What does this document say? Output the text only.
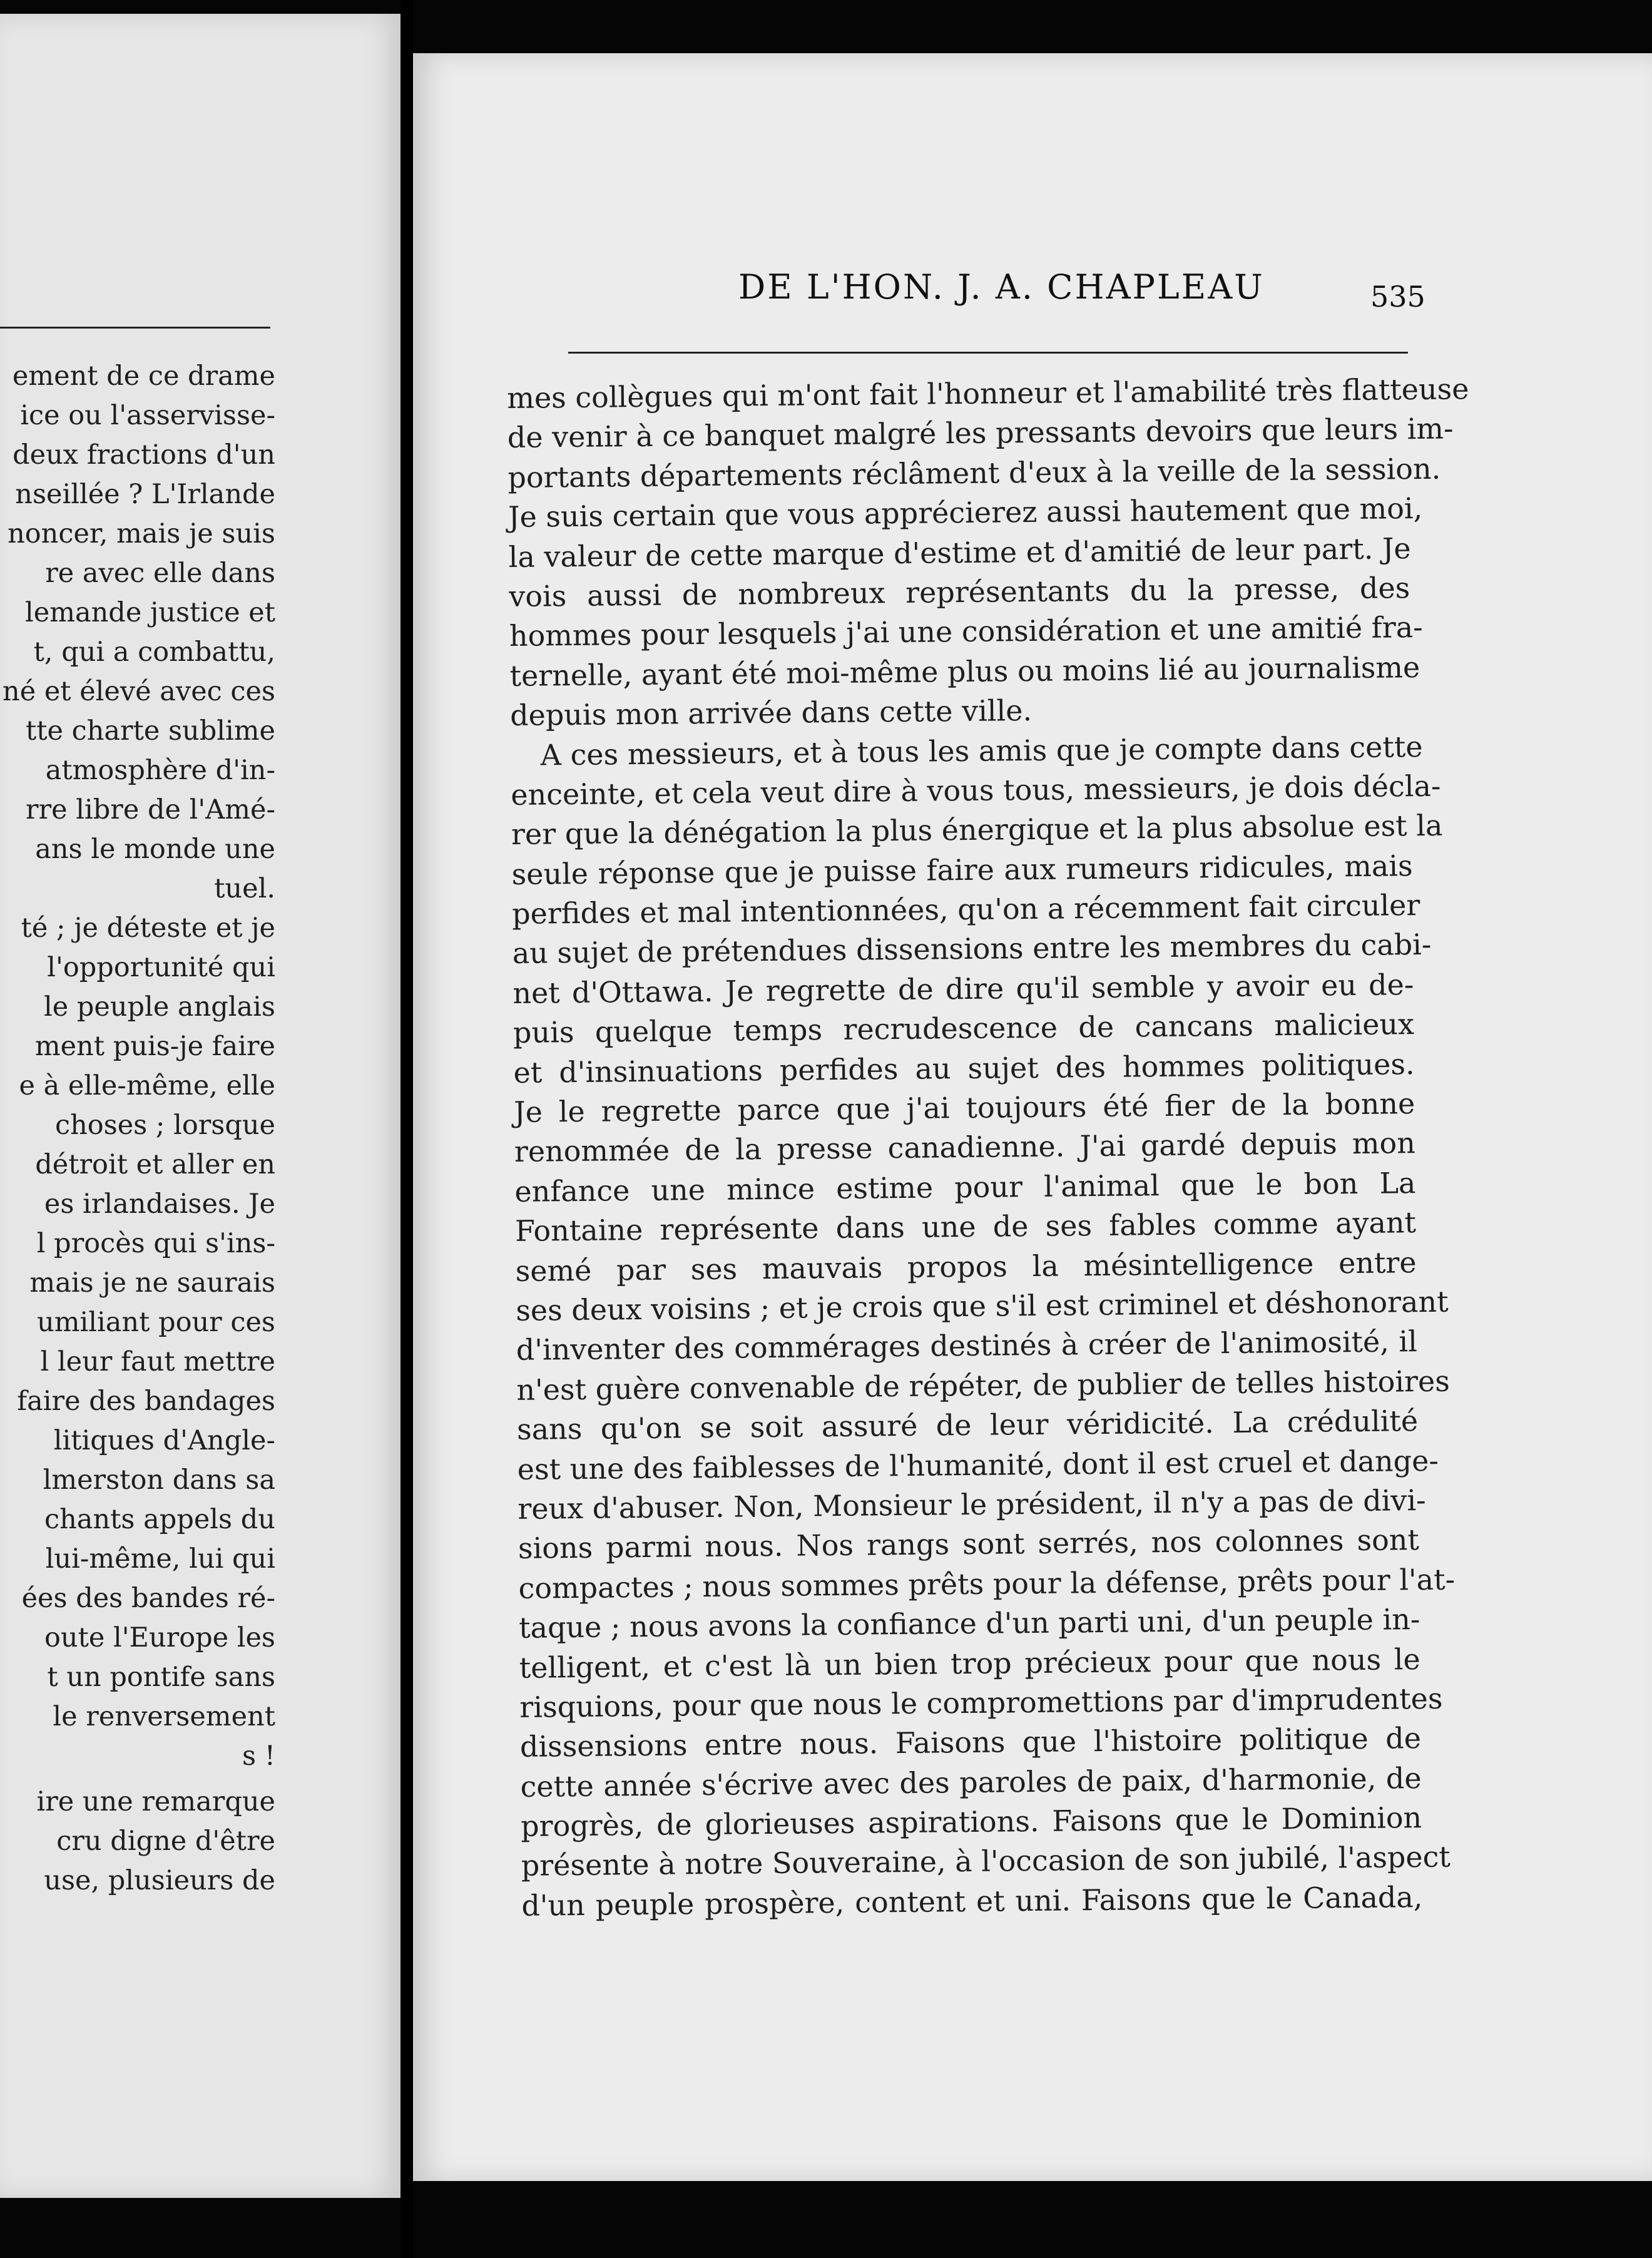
ement de ce drame
ice ou l'asservisse-
deux fractions d'un
nseillée ? L'Irlande
noncer, mais je suis
re avec elle dans
lemande justice et
t, qui a combattu,
né et élevé avec ces
tte charte sublime
atmosphère d'in-
rre libre de l'Amé-
ans le monde une
tuel.
té ; je déteste et je
l'opportunité qui
le peuple anglais
ment puis-je faire
e à elle-même, elle
choses ; lorsque
détroit et aller en
es irlandaises. Je
l procès qui s'ins-
mais je ne saurais
umiliant pour ces
l leur faut mettre
faire des bandages
litiques d'Angle-
lmerston dans sa
chants appels du
lui-même, lui qui
ées des bandes ré-
oute l'Europe les
t un pontife sans
le renversement
s !
ire une remarque
cru digne d'être
use, plusieurs de
DE L'HON. J. A. CHAPLEAU	535
mes collègues qui m'ont fait l'honneur et l'amabilité très flatteuse
de venir à ce banquet malgré les pressants devoirs que leurs im-
portants départements réclâment d'eux à la veille de la session.
Je suis certain que vous apprécierez aussi hautement que moi,
la valeur de cette marque d'estime et d'amitié de leur part. Je
vois aussi de nombreux représentants du la presse, des
hommes pour lesquels j'ai une considération et une amitié fra-
ternelle, ayant été moi-même plus ou moins lié au journalisme
depuis mon arrivée dans cette ville.
A ces messieurs, et à tous les amis que je compte dans cette
enceinte, et cela veut dire à vous tous, messieurs, je dois décla-
rer que la dénégation la plus énergique et la plus absolue est la
seule réponse que je puisse faire aux rumeurs ridicules, mais
perfides et mal intentionnées, qu'on a récemment fait circuler
au sujet de prétendues dissensions entre les membres du cabi-
net d'Ottawa. Je regrette de dire qu'il semble y avoir eu de-
puis quelque temps recrudescence de cancans malicieux
et d'insinuations perfides au sujet des hommes politiques.
Je le regrette parce que j'ai toujours été fier de la bonne
renommée de la presse canadienne. J'ai gardé depuis mon
enfance une mince estime pour l'animal que le bon La
Fontaine représente dans une de ses fables comme ayant
semé par ses mauvais propos la mésintelligence entre
ses deux voisins ; et je crois que s'il est criminel et déshonorant
d'inventer des commérages destinés à créer de l'animosité, il
n'est guère convenable de répéter, de publier de telles histoires
sans qu'on se soit assuré de leur véridicité. La crédulité
est une des faiblesses de l'humanité, dont il est cruel et dange-
reux d'abuser. Non, Monsieur le président, il n'y a pas de divi-
sions parmi nous. Nos rangs sont serrés, nos colonnes sont
compactes ; nous sommes prêts pour la défense, prêts pour l'at-
taque ; nous avons la confiance d'un parti uni, d'un peuple in-
telligent, et c'est là un bien trop précieux pour que nous le
risquions, pour que nous le compromettions par d'imprudentes
dissensions entre nous. Faisons que l'histoire politique de
cette année s'écrive avec des paroles de paix, d'harmonie, de
progrès, de glorieuses aspirations. Faisons que le Dominion
présente à notre Souveraine, à l'occasion de son jubilé, l'aspect
d'un peuple prospère, content et uni. Faisons que le Canada,
